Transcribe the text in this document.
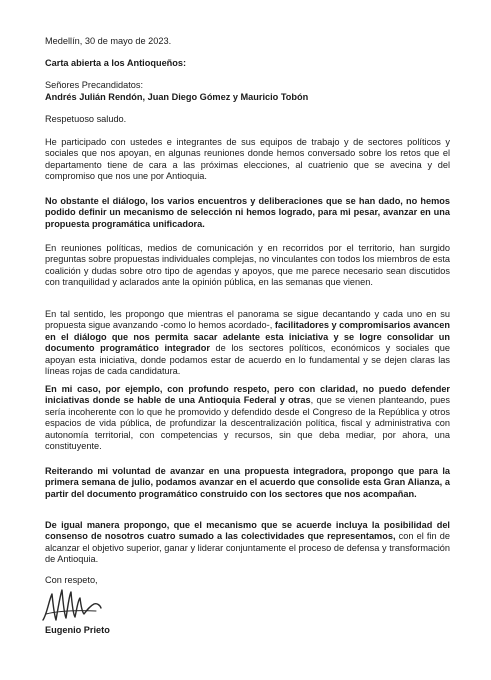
Medellín, 30 de mayo de 2023.

Carta abierta a los Antioqueños:

Señores Precandidatos:

Andrés Julián Rendón, Juan Diego Gómez y Mauricio Tobón

Respetuoso saludo.

He participado con ustedes e integrantes de sus equipos de trabajo y de sectores políticos y sociales que nos apoyan, en algunas reuniones donde hemos conversado sobre los retos que el departamento tiene de cara a las próximas elecciones, al cuatrienio que se avecina y del compromiso que nos une por Antioquia.

No obstante el diálogo, los varios encuentros y deliberaciones que se han dado, no hemos podido definir un mecanismo de selección ni hemos logrado, para mi pesar, avanzar en una propuesta programática unificadora.

En reuniones políticas, medios de comunicación y en recorridos por el territorio, han surgido preguntas sobre propuestas individuales complejas, no vinculantes con todos los miembros de esta coalición y dudas sobre otro tipo de agendas y apoyos, que me parece necesario sean discutidos con tranquilidad y aclarados ante la opinión pública, en las semanas que vienen.

En tal sentido, les propongo que mientras el panorama se sigue decantando y cada uno en su propuesta sigue avanzando -como lo hemos acordado-, facilitadores y compromisarios avancen en el diálogo que nos permita sacar adelante esta iniciativa y se logre consolidar un documento programático integrador de los sectores políticos, económicos y sociales que apoyan esta iniciativa, donde podamos estar de acuerdo en lo fundamental y se dejen claras las líneas rojas de cada candidatura.

En mi caso, por ejemplo, con profundo respeto, pero con claridad, no puedo defender iniciativas donde se hable de una Antioquia Federal y otras, que se vienen planteando, pues sería incoherente con lo que he promovido y defendido desde el Congreso de la República y otros espacios de vida pública, de profundizar la descentralización política, fiscal y administrativa con autonomía territorial, con competencias y recursos, sin que deba mediar, por ahora, una constituyente.

Reiterando mi voluntad de avanzar en una propuesta integradora, propongo que para la primera semana de julio, podamos avanzar en el acuerdo que consolide esta Gran Alianza, a partir del documento programático construido con los sectores que nos acompañan.

De igual manera propongo, que el mecanismo que se acuerde incluya la posibilidad del consenso de nosotros cuatro sumado a las colectividades que representamos, con el fin de alcanzar el objetivo superior, ganar y liderar conjuntamente el proceso de defensa y transformación de Antioquia.

Con respeto,

Eugenio Prieto
